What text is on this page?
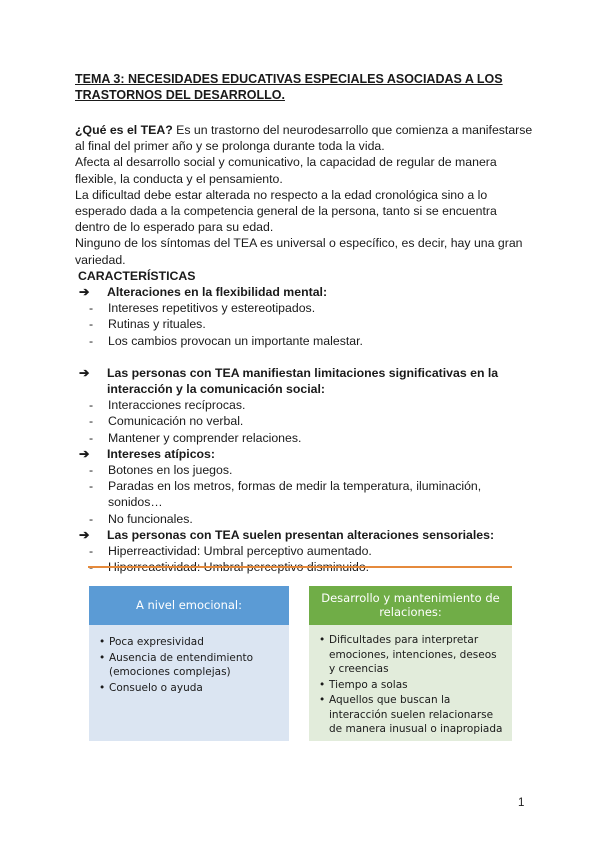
TEMA 3: NECESIDADES EDUCATIVAS ESPECIALES ASOCIADAS A LOS TRASTORNOS DEL DESARROLLO.

¿Qué es el TEA? Es un trastorno del neurodesarrollo que comienza a manifestarse al final del primer año y se prolonga durante toda la vida.

Afecta al desarrollo social y comunicativo, la capacidad de regular de manera flexible, la conducta y el pensamiento.

La dificultad debe estar alterada no respecto a la edad cronológica sino a lo esperado dada a la competencia general de la persona, tanto si se encuentra dentro de lo esperado para su edad.

Ninguno de los síntomas del TEA es universal o específico, es decir, hay una gran variedad.

CARACTERÍSTICAS

➔	Alteraciones en la flexibilidad mental:

- Intereses repetitivos y estereotipados.

- Rutinas y rituales.

- Los cambios provocan un importante malestar.

➔	Las personas con TEA manifiestan limitaciones significativas en la interacción y la comunicación social:

- Interacciones recíprocas.

- Comunicación no verbal.

- Mantener y comprender relaciones.

➔	Intereses atípicos:

- Botones en los juegos.

- Paradas en los metros, formas de medir la temperatura, iluminación, sonidos…

- No funcionales.

➔	Las personas con TEA suelen presentan alteraciones sensoriales:

- Hiperreactividad: Umbral perceptivo aumentado.

A nivel emocional:
• Poca expresividad
• Ausencia de entendimiento (emociones complejas)
• Consuelo o ayuda
Desarrollo y mantenimiento de relaciones:
• Dificultades para interpretar emociones, intenciones, deseos y creencias
• Tiempo a solas
• Aquellos que buscan la interacción suelen relacionarse de manera inusual o inapropiada
1
